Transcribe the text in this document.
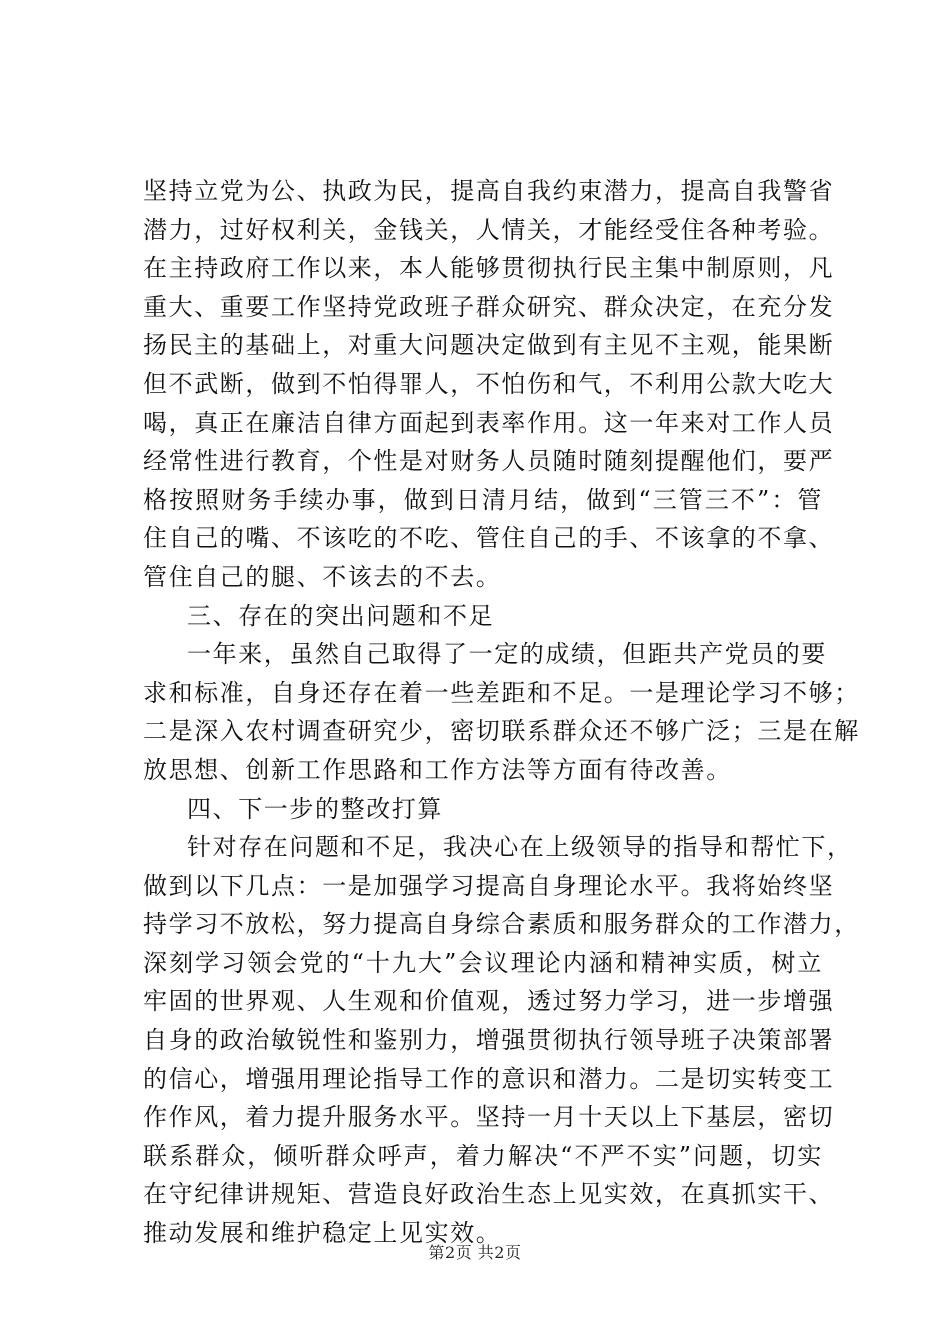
坚持立党为公、执政为民，提高自我约束潜力，提高自我警省
潜力，过好权利关，金钱关，人情关，才能经受住各种考验。
在主持政府工作以来，本人能够贯彻执行民主集中制原则，凡
重大、重要工作坚持党政班子群众研究、群众决定，在充分发
扬民主的基础上，对重大问题决定做到有主见不主观，能果断
但不武断，做到不怕得罪人，不怕伤和气，不利用公款大吃大
喝，真正在廉洁自律方面起到表率作用。这一年来对工作人员
经常性进行教育，个性是对财务人员随时随刻提醒他们，要严
格按照财务手续办事，做到日清月结，做到“三管三不”：管
住自己的嘴、不该吃的不吃、管住自己的手、不该拿的不拿、
管住自己的腿、不该去的不去。
三、存在的突出问题和不足
一年来，虽然自己取得了一定的成绩，但距共产党员的要
求和标准，自身还存在着一些差距和不足。一是理论学习不够；
二是深入农村调查研究少，密切联系群众还不够广泛；三是在解
放思想、创新工作思路和工作方法等方面有待改善。
四、下一步的整改打算
针对存在问题和不足，我决心在上级领导的指导和帮忙下，
做到以下几点：一是加强学习提高自身理论水平。我将始终坚
持学习不放松，努力提高自身综合素质和服务群众的工作潜力，
深刻学习领会党的“十九大”会议理论内涵和精神实质，树立
牢固的世界观、人生观和价值观，透过努力学习，进一步增强
自身的政治敏锐性和鉴别力，增强贯彻执行领导班子决策部署
的信心，增强用理论指导工作的意识和潜力。二是切实转变工
作作风，着力提升服务水平。坚持一月十天以上下基层，密切
联系群众，倾听群众呼声，着力解决“不严不实”问题，切实
在守纪律讲规矩、营造良好政治生态上见实效，在真抓实干、
推动发展和维护稳定上见实效。
第2页 共2页
